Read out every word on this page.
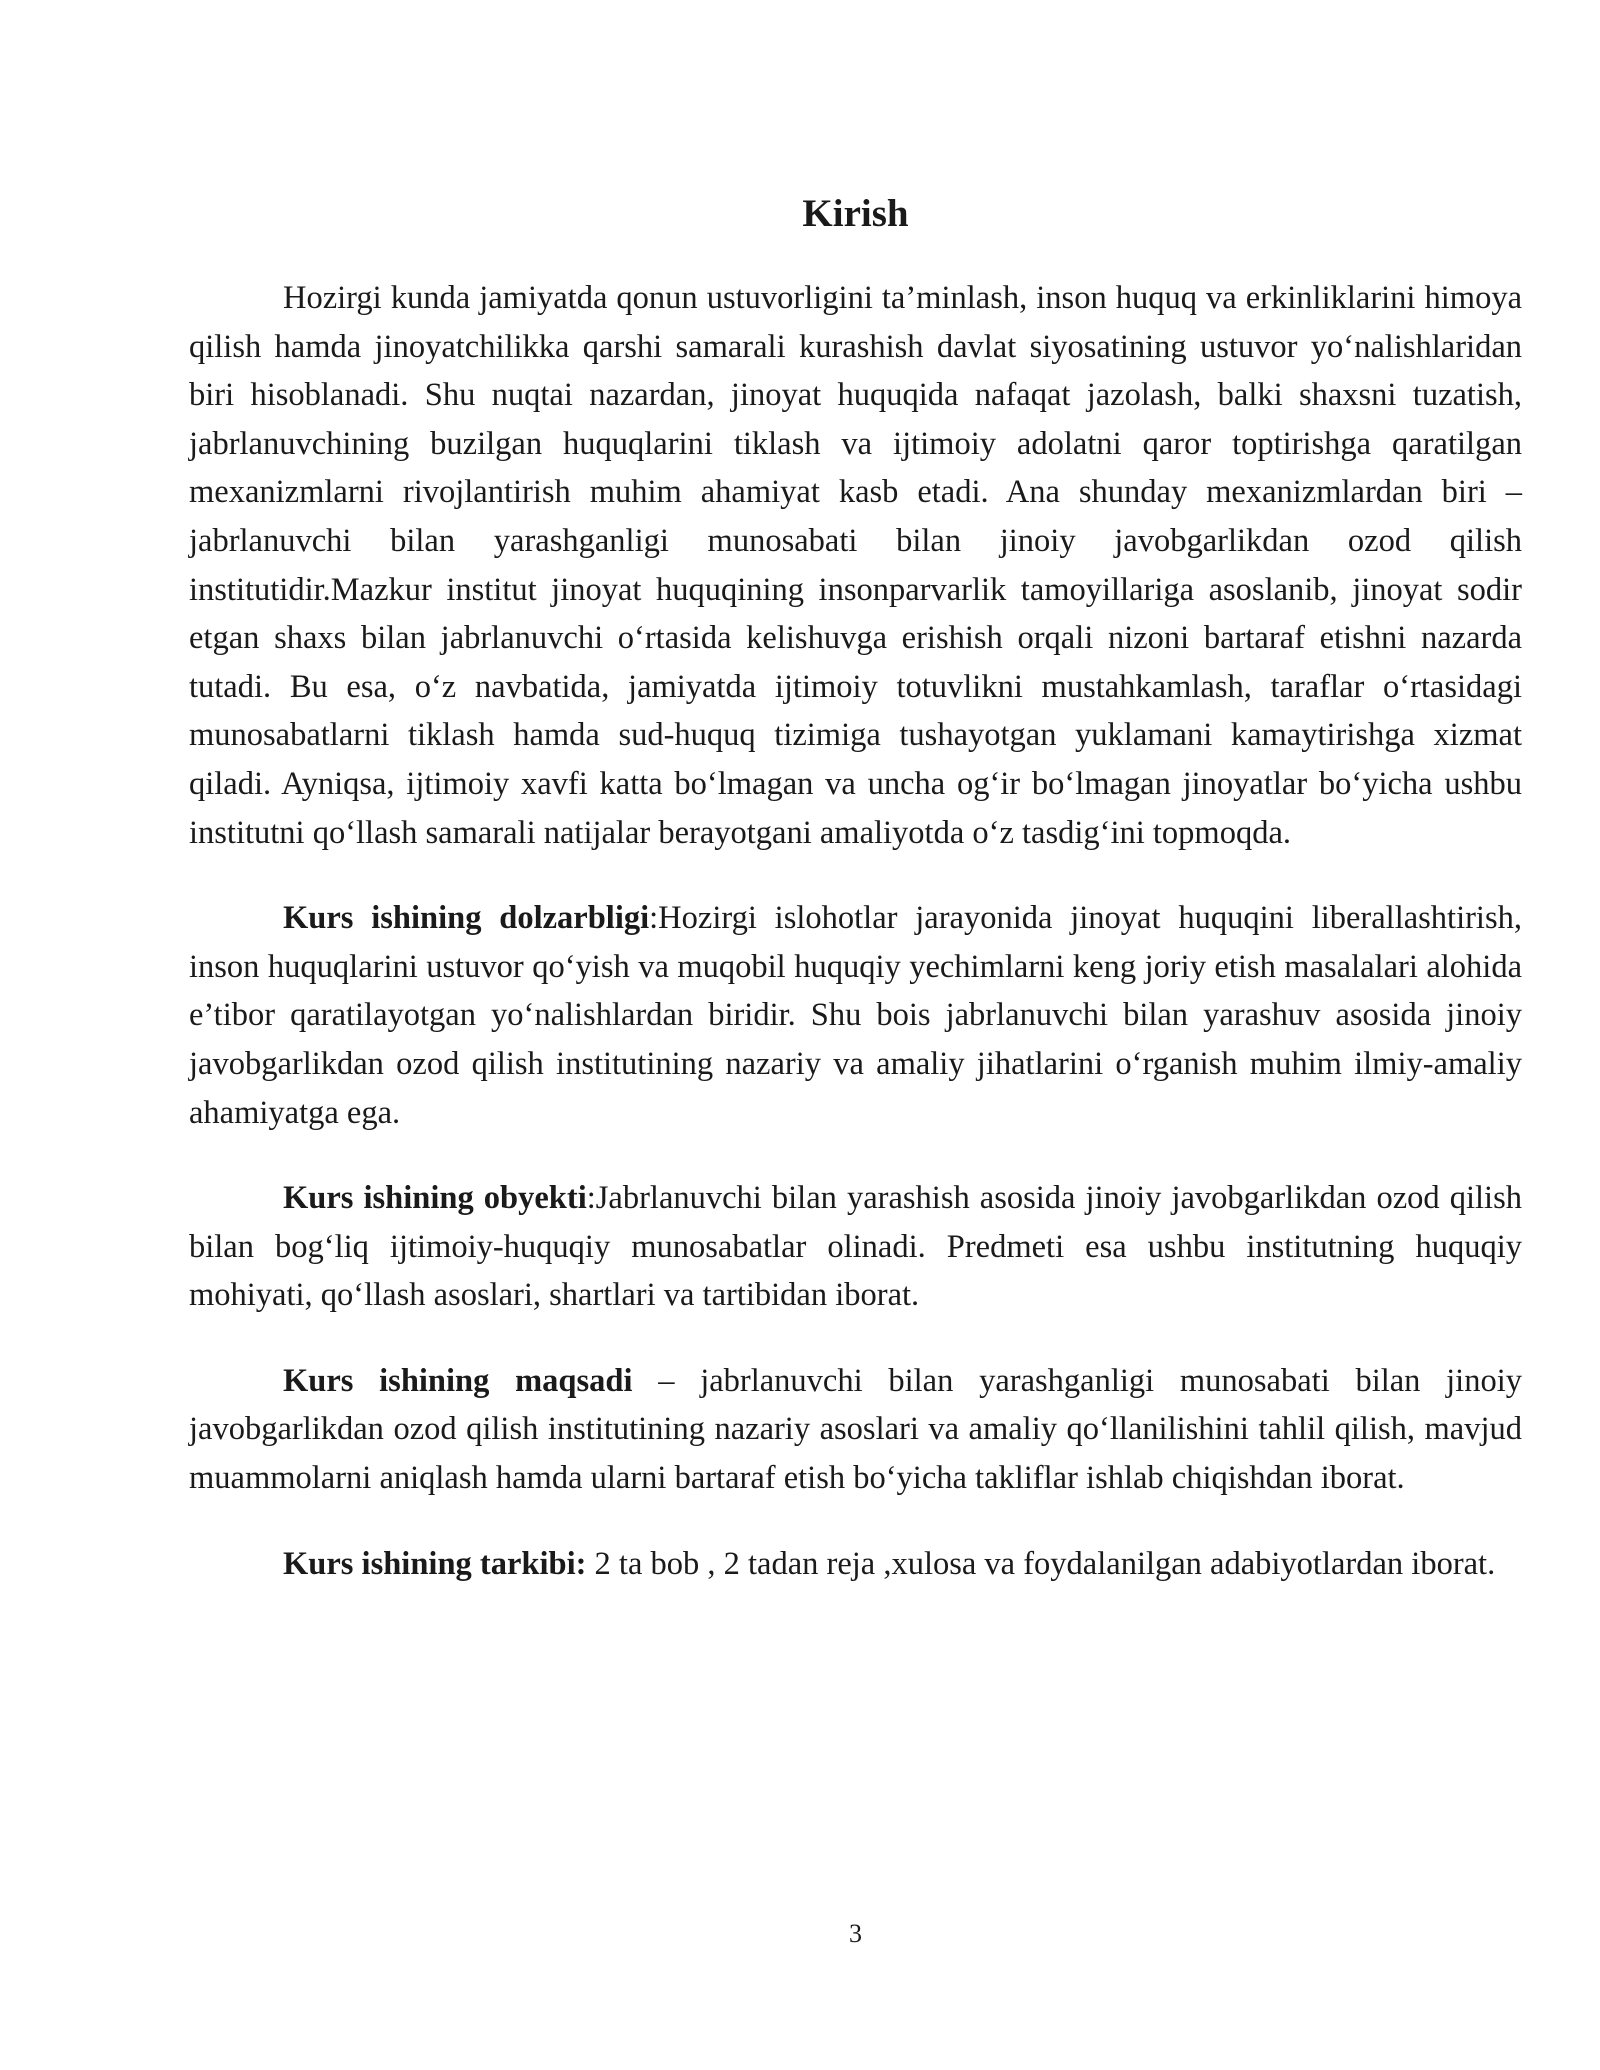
Kirish

Hozirgi kunda jamiyatda qonun ustuvorligini ta’minlash, inson huquq va erkinliklarini himoya qilish hamda jinoyatchilikka qarshi samarali kurashish davlat siyosatining ustuvor yo‘nalishlaridan biri hisoblanadi. Shu nuqtai nazardan, jinoyat huquqida nafaqat jazolash, balki shaxsni tuzatish, jabrlanuvchining buzilgan huquqlarini tiklash va ijtimoiy adolatni qaror toptirishga qaratilgan mexanizmlarni rivojlantirish muhim ahamiyat kasb etadi. Ana shunday mexanizmlardan biri – jabrlanuvchi bilan yarashganligi munosabati bilan jinoiy javobgarlikdan ozod qilish institutidir.Mazkur institut jinoyat huquqining insonparvarlik tamoyillariga asoslanib, jinoyat sodir etgan shaxs bilan jabrlanuvchi o‘rtasida kelishuvga erishish orqali nizoni bartaraf etishni nazarda tutadi. Bu esa, o‘z navbatida, jamiyatda ijtimoiy totuvlikni mustahkamlash, taraflar o‘rtasidagi munosabatlarni tiklash hamda sud-huquq tizimiga tushayotgan yuklamani kamaytirishga xizmat qiladi. Ayniqsa, ijtimoiy xavfi katta bo‘lmagan va uncha og‘ir bo‘lmagan jinoyatlar bo‘yicha ushbu institutni qo‘llash samarali natijalar berayotgani amaliyotda o‘z tasdig‘ini topmoqda.

Kurs ishining dolzarbligi:Hozirgi islohotlar jarayonida jinoyat huquqini liberallashtirish, inson huquqlarini ustuvor qo‘yish va muqobil huquqiy yechimlarni keng joriy etish masalalari alohida e’tibor qaratilayotgan yo‘nalishlardan biridir. Shu bois jabrlanuvchi bilan yarashuv asosida jinoiy javobgarlikdan ozod qilish institutining nazariy va amaliy jihatlarini o‘rganish muhim ilmiy-amaliy ahamiyatga ega.

Kurs ishining obyekti:Jabrlanuvchi bilan yarashish asosida jinoiy javobgarlikdan ozod qilish bilan bog‘liq ijtimoiy-huquqiy munosabatlar olinadi. Predmeti esa ushbu institutning huquqiy mohiyati, qo‘llash asoslari, shartlari va tartibidan iborat.

Kurs ishining maqsadi – jabrlanuvchi bilan yarashganligi munosabati bilan jinoiy javobgarlikdan ozod qilish institutining nazariy asoslari va amaliy qo‘llanilishini tahlil qilish, mavjud muammolarni aniqlash hamda ularni bartaraf etish bo‘yicha takliflar ishlab chiqishdan iborat.

Kurs ishining tarkibi: 2 ta bob , 2 tadan reja ,xulosa va foydalanilgan adabiyotlardan iborat.

3
